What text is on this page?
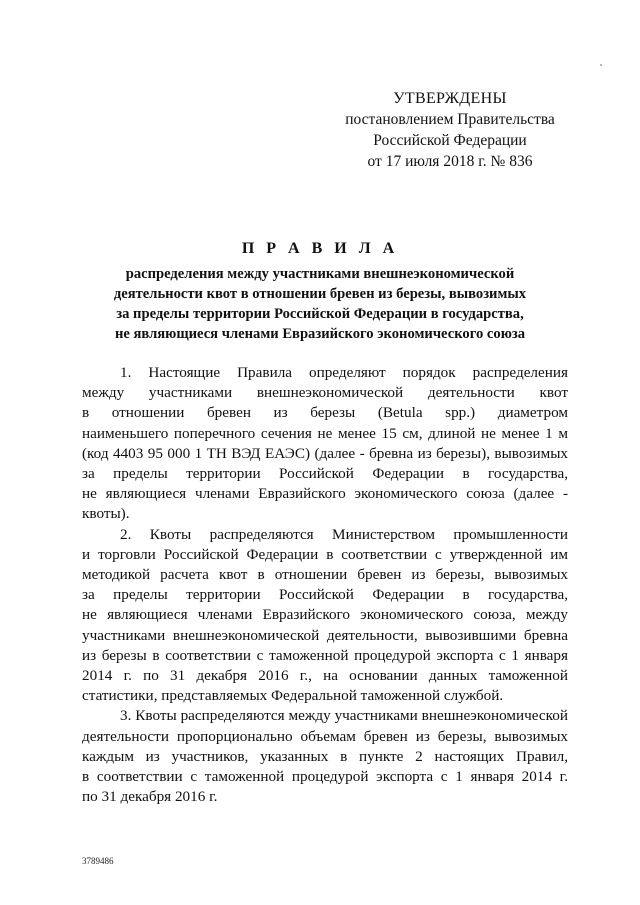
УТВЕРЖДЕНЫ
постановлением Правительства
Российской Федерации
от 17 июля 2018 г. № 836
П Р А В И Л А
распределения между участниками внешнеэкономической
деятельности квот в отношении бревен из березы, вывозимых
за пределы территории Российской Федерации в государства,
не являющиеся членами Евразийского экономического союза

1. Настоящие Правила определяют порядок распределения
между участниками внешнеэкономической деятельности квот
в отношении бревен из березы (Betula spp.) диаметром
наименьшего поперечного сечения не менее 15 см, длиной не менее 1 м
(код 4403 95 000 1 ТН ВЭД ЕАЭС) (далее - бревна из березы), вывозимых
за пределы территории Российской Федерации в государства,
не являющиеся членами Евразийского экономического союза (далее -
квоты).

2. Квоты распределяются Министерством промышленности
и торговли Российской Федерации в соответствии с утвержденной им
методикой расчета квот в отношении бревен из березы, вывозимых
за пределы территории Российской Федерации в государства,
не являющиеся членами Евразийского экономического союза, между
участниками внешнеэкономической деятельности, вывозившими бревна
из березы в соответствии с таможенной процедурой экспорта с 1 января
2014 г. по 31 декабря 2016 г., на основании данных таможенной
статистики, представляемых Федеральной таможенной службой.

3. Квоты распределяются между участниками внешнеэкономической
деятельности пропорционально объемам бревен из березы, вывозимых
каждым из участников, указанных в пункте 2 настоящих Правил,
в соответствии с таможенной процедурой экспорта с 1 января 2014 г.
по 31 декабря 2016 г.

3789486
